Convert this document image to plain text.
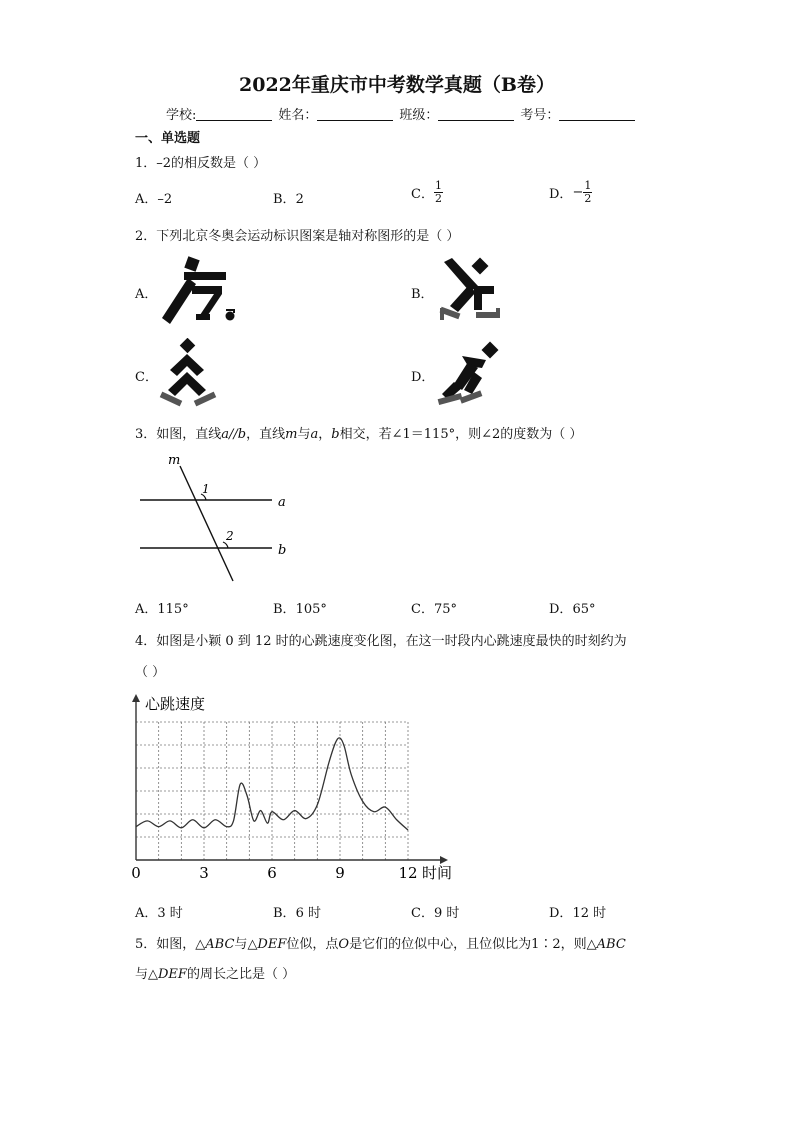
2022年重庆市中考数学真题（B卷）
学校:	姓名：	班级：	考号：
一、单选题
1．–2的相反数是（ ）
A．–2	B．2	C． $\frac{1}{2}$	D．− $\frac{1}{2}$
2．下列北京冬奥会运动标识图案是轴对称图形的是（ ）
A．	B．
C．	D．
3．如图，直线a//b，直线m与a，b相交，若∠1＝115°，则∠2的度数为（ ）
m
a
b
1
2
A．115°	B．105°	C．75°	D．65°
4．如图是小颖 0 到 12 时的心跳速度变化图，在这一时段内心跳速度最快的时刻约为
（ ）
心跳速度
时间
0	3	6	9	12
A．3 时	B．6 时	C．9 时	D．12 时
5．如图，△ABC与△DEF位似，点O是它们的位似中心，且位似比为1∶2，则△ABC
与△DEF的周长之比是（ ）
